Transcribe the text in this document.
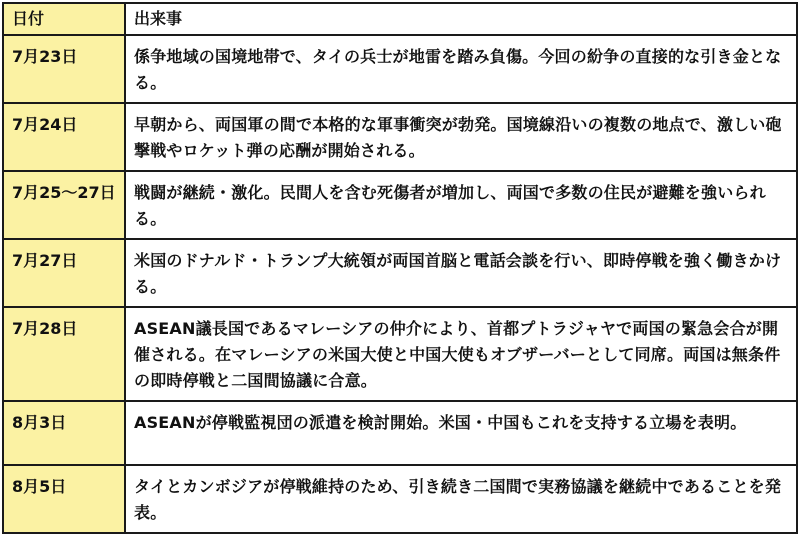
日付	出来事
7月23日	係争地域の国境地帯で、タイの兵士が地雷を踏み負傷。今回の紛争の直接的な引き金となる。
7月24日	早朝から、両国軍の間で本格的な軍事衝突が勃発。国境線沿いの複数の地点で、激しい砲撃戦やロケット弾の応酬が開始される。
7月25～27日	戦闘が継続・激化。民間人を含む死傷者が増加し、両国で多数の住民が避難を強いられる。
7月27日	米国のドナルド・トランプ大統領が両国首脳と電話会談を行い、即時停戦を強く働きかける。
7月28日	ASEAN議長国であるマレーシアの仲介により、首都プトラジャヤで両国の緊急会合が開催される。在マレーシアの米国大使と中国大使もオブザーバーとして同席。両国は無条件の即時停戦と二国間協議に合意。
8月3日	ASEANが停戦監視団の派遣を検討開始。米国・中国もこれを支持する立場を表明。
8月5日	タイとカンボジアが停戦維持のため、引き続き二国間で実務協議を継続中であることを発表。
